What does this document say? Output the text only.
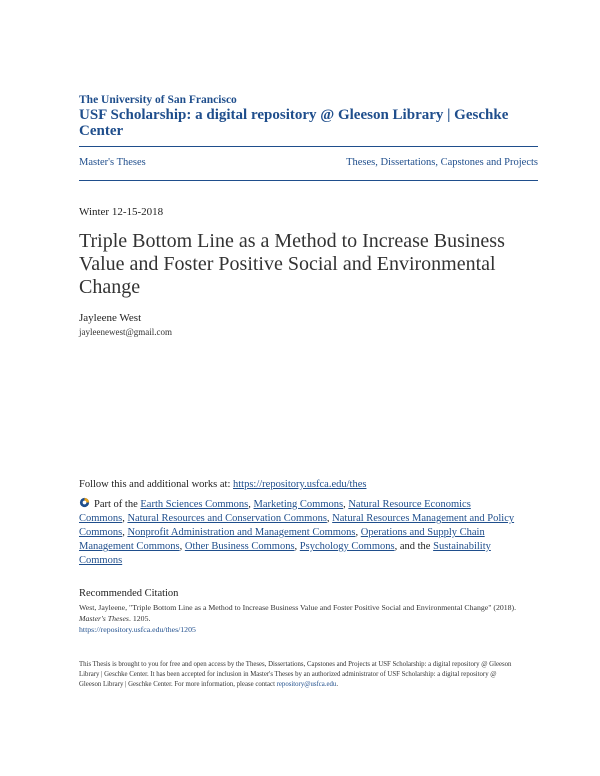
The University of San Francisco
USF Scholarship: a digital repository @ Gleeson Library | Geschke Center
Master's Theses	Theses, Dissertations, Capstones and Projects
Winter 12-15-2018
Triple Bottom Line as a Method to Increase Business Value and Foster Positive Social and Environmental Change
Jayleene West
jayleenewest@gmail.com
Follow this and additional works at: https://repository.usfca.edu/thes
Part of the Earth Sciences Commons, Marketing Commons, Natural Resource Economics Commons, Natural Resources and Conservation Commons, Natural Resources Management and Policy Commons, Nonprofit Administration and Management Commons, Operations and Supply Chain Management Commons, Other Business Commons, Psychology Commons, and the Sustainability Commons
Recommended Citation
West, Jayleene, "Triple Bottom Line as a Method to Increase Business Value and Foster Positive Social and Environmental Change" (2018). Master's Theses. 1205.
https://repository.usfca.edu/thes/1205
This Thesis is brought to you for free and open access by the Theses, Dissertations, Capstones and Projects at USF Scholarship: a digital repository @ Gleeson Library | Geschke Center. It has been accepted for inclusion in Master's Theses by an authorized administrator of USF Scholarship: a digital repository @ Gleeson Library | Geschke Center. For more information, please contact repository@usfca.edu.
